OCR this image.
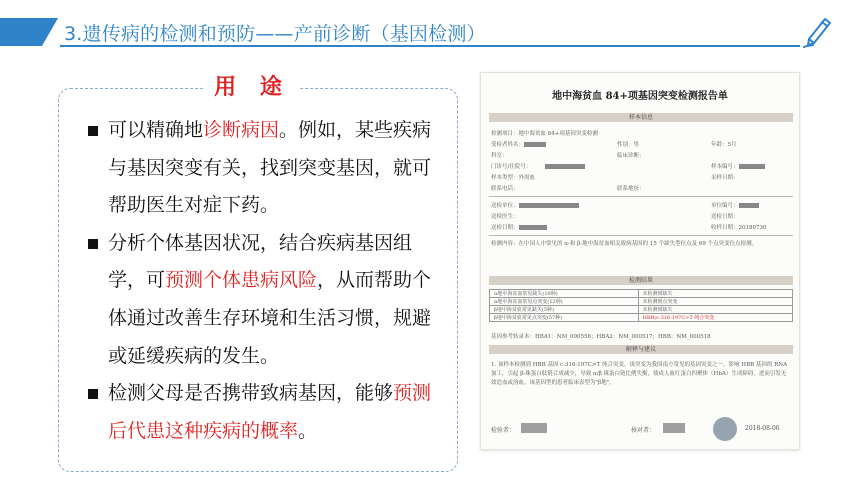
3.遗传病的检测和预防——产前诊断（基因检测）
用 途
可以精确地诊断病因。例如，某些疾病与基因突变有关，找到突变基因，就可帮助医生对症下药。
分析个体基因状况，结合疾病基因组学，可预测个体患病风险，从而帮助个体通过改善生存环境和生活习惯，规避或延缓疾病的发生。
检测父母是否携带致病基因，能够预测后代患这种疾病的概率。
地中海贫血 84+项基因突变检测报告单
样本信息
检测项目：地中海贫血 84+项基因突变检测
受检者姓名：	性别：男	年龄：5月
科室：	临床诊断：
门诊号/住院号：	样本编号：
样本类型：外周血	采样日期：
联系电话：	联系地址：
送检单位：	单位编号：
送检医生：	送检日期：
送检日期：	收样日期：20180730
检测内容：在中国人中常见的 α-和 β-地中海贫血相关致病基因的 15 个缺失型位点及 69 个点突变位点检测。
检测结果
α地中海贫血常见缺失(10种)	未检测到缺失
α地中海贫血常见点突变(12种)	未检测到点突变
β地中海贫血常见缺失(5种)	未检测到缺失
β地中海贫血常见点突变(57种)	HBB(c.316-197C>T 纯合突变
基因参考转录本：HBA1：NM_000558；HBA2：NM_000517；HBB：NM_000518
解释与建议
1. 该样本检测到 HBB 基因 c.316-197C>T 纯合突变，该突变为我国南方常见的基因突变之一，影响 HBB 基因的 RNA 加工，引起 β-珠蛋白肽链合成减少，导致 α/β 珠蛋白链比例失衡，使成人血红蛋白四聚体（HbA）生成障碍，进而引发无效造血或溶血，该基因型的患者临床表型为"β地"。
检验者：	核对者：	2018-08-06
